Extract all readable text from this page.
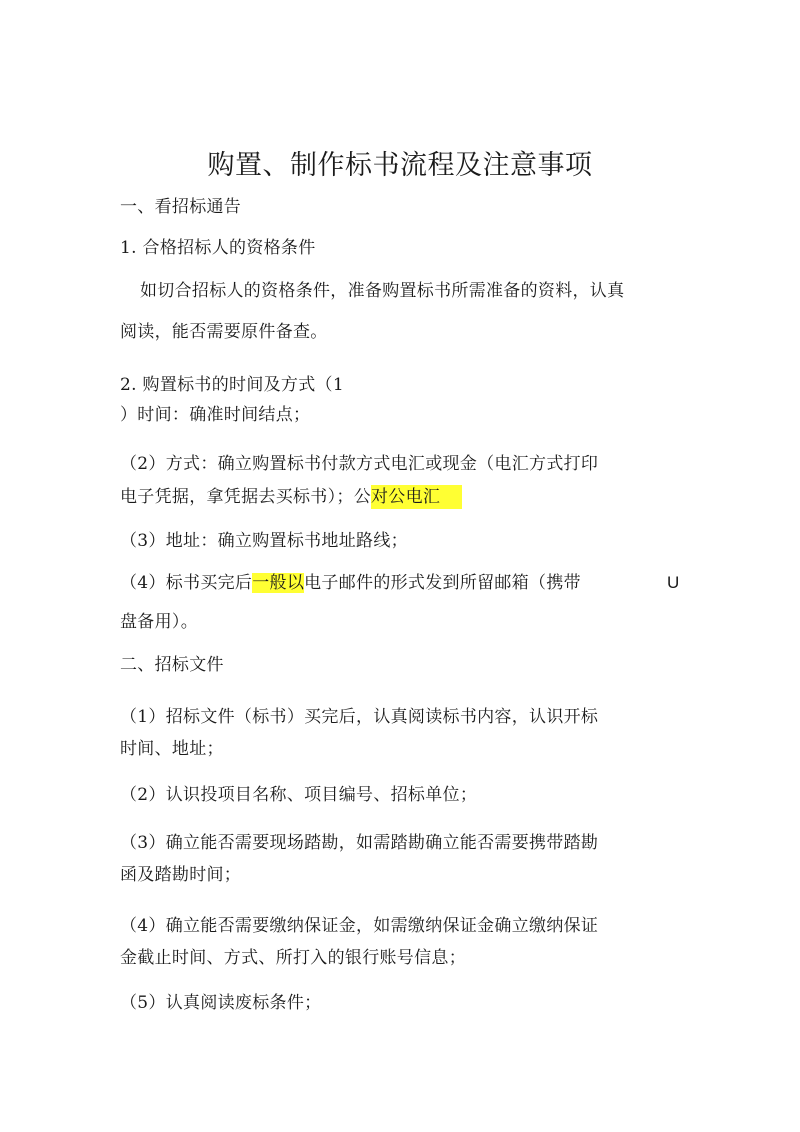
购置、制作标书流程及注意事项
一、看招标通告
1. 合格招标人的资格条件
如切合招标人的资格条件，准备购置标书所需准备的资料，认真
阅读，能否需要原件备查。
2. 购置标书的时间及方式（1
）时间：确准时间结点；
（2）方式：确立购置标书付款方式电汇或现金（电汇方式打印
电子凭据，拿凭据去买标书）；公对公电汇
（3）地址：确立购置标书地址路线；
（4）标书买完后一般以电子邮件的形式发到所留邮箱（携带	U
盘备用）。
二、招标文件
（1）招标文件（标书）买完后，认真阅读标书内容，认识开标
时间、地址；
（2）认识投项目名称、项目编号、招标单位；
（3）确立能否需要现场踏勘，如需踏勘确立能否需要携带踏勘
函及踏勘时间；
（4）确立能否需要缴纳保证金，如需缴纳保证金确立缴纳保证
金截止时间、方式、所打入的银行账号信息；
（5）认真阅读废标条件；
